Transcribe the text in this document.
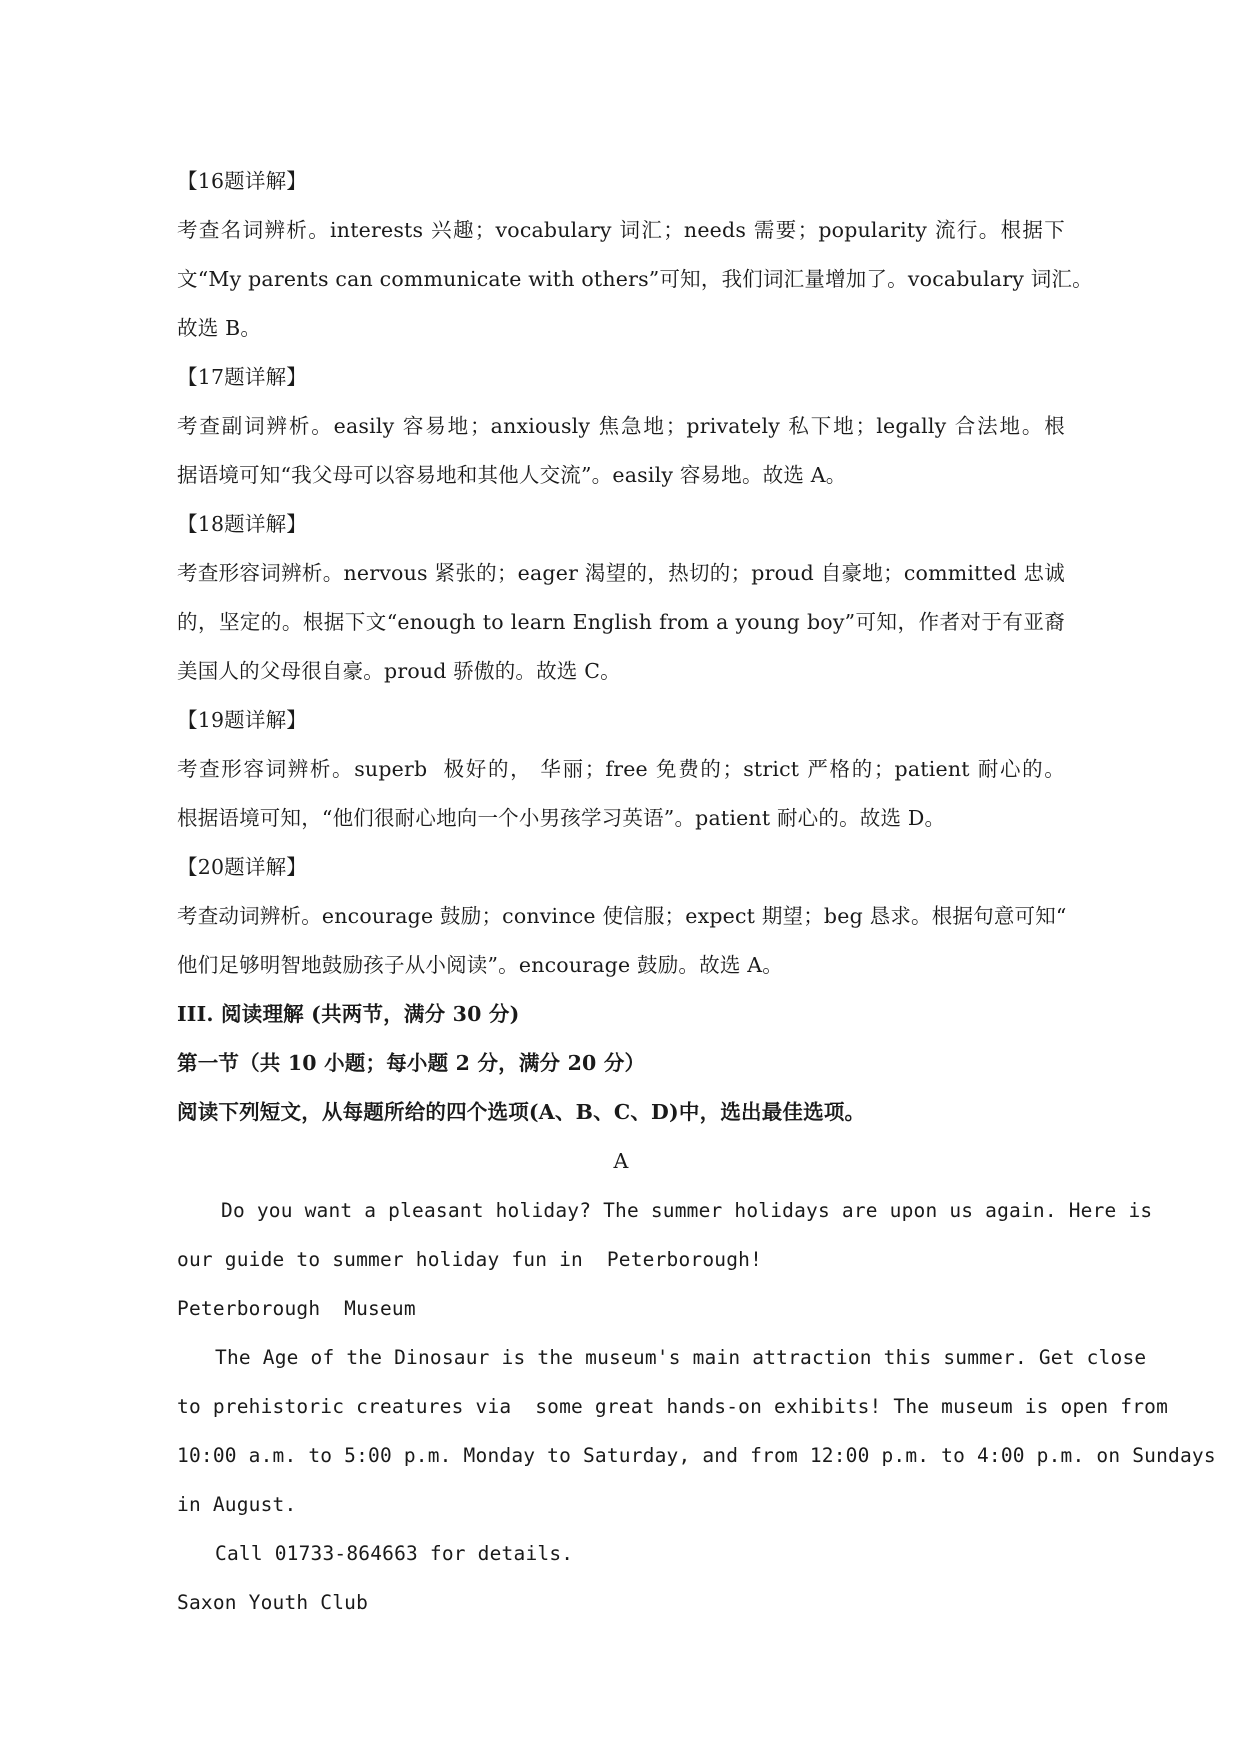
【16题详解】
考查名词辨析。interests 兴趣；vocabulary 词汇；needs 需要；popularity 流行。根据下
文“My parents can communicate with others”可知，我们词汇量增加了。vocabulary 词汇。
故选 B。
【17题详解】
考查副词辨析。easily 容易地；anxiously 焦急地；privately 私下地；legally 合法地。根
据语境可知“我父母可以容易地和其他人交流”。easily 容易地。故选 A。
【18题详解】
考查形容词辨析。nervous 紧张的；eager 渴望的，热切的；proud 自豪地；committed 忠诚
的，坚定的。根据下文“enough to learn English from a young boy”可知，作者对于有亚裔
美国人的父母很自豪。proud 骄傲的。故选 C。
【19题详解】
考查形容词辨析。superb  极好的， 华丽；free 免费的；strict 严格的；patient 耐心的。
根据语境可知，“他们很耐心地向一个小男孩学习英语”。patient 耐心的。故选 D。
【20题详解】
考查动词辨析。encourage 鼓励；convince 使信服；expect 期望；beg 恳求。根据句意可知“
他们足够明智地鼓励孩子从小阅读”。encourage 鼓励。故选 A。
III. 阅读理解 (共两节，满分 30 分)
第一节（共 10 小题；每小题 2 分，满分 20 分）
阅读下列短文，从每题所给的四个选项(A、B、C、D)中，选出最佳选项。
A
Do you want a pleasant holiday? The summer holidays are upon us again. Here is
our guide to summer holiday fun in  Peterborough!
Peterborough  Museum
The Age of the Dinosaur is the museum's main attraction this summer. Get close
to prehistoric creatures via  some great hands-on exhibits! The museum is open from
10:00 a.m. to 5:00 p.m. Monday to Saturday, and from 12:00 p.m. to 4:00 p.m. on Sundays
in August.
Call 01733-864663 for details.
Saxon Youth Club
